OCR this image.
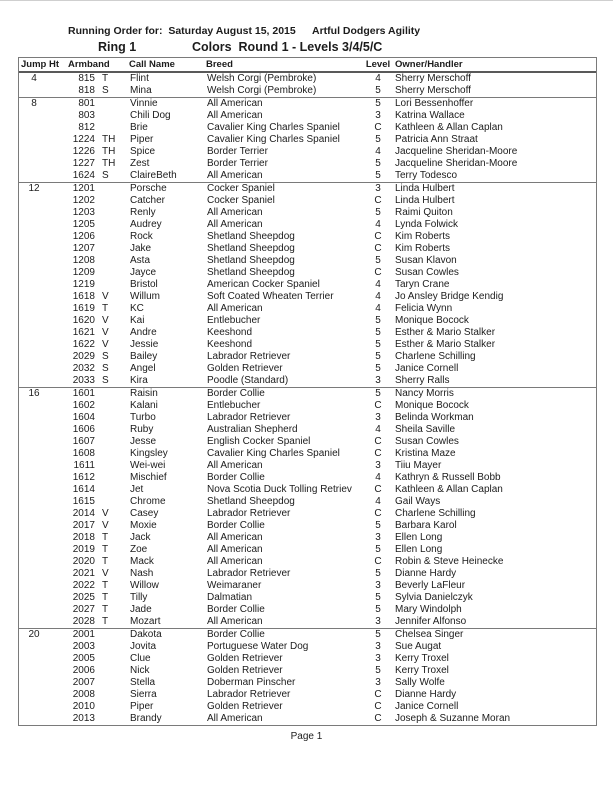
Running Order for:  Saturday August 15, 2015 Artful Dodgers Agility
Ring 1	Colors  Round 1 - Levels 3/4/5/C
Jump Ht Armband	Call Name	Breed	Level Owner/Handler
4	815 T	Flint	Welsh Corgi (Pembroke)	4	Sherry Merschoff
818 S	Mina	Welsh Corgi (Pembroke)	5	Sherry Merschoff
8	801	Vinnie	All American	5	Lori Bessenhoffer
803	Chili Dog	All American	3	Katrina Wallace
812	Brie	Cavalier King Charles Spaniel	C	Kathleen & Allan Caplan
1224 TH	Piper	Cavalier King Charles Spaniel	5	Patricia Ann Straat
1226 TH	Spice	Border Terrier	4	Jacqueline Sheridan-Moore
1227 TH	Zest	Border Terrier	5	Jacqueline Sheridan-Moore
1624 S	ClaireBeth	All American	5	Terry Todesco
12	1201	Porsche	Cocker Spaniel	3	Linda Hulbert
1202	Catcher	Cocker Spaniel	C	Linda Hulbert
1203	Renly	All American	5	Raimi Quiton
1205	Audrey	All American	4	Lynda Folwick
1206	Rock	Shetland Sheepdog	C	Kim Roberts
1207	Jake	Shetland Sheepdog	C	Kim Roberts
1208	Asta	Shetland Sheepdog	5	Susan Klavon
1209	Jayce	Shetland Sheepdog	C	Susan Cowles
1219	Bristol	American Cocker Spaniel	4	Taryn Crane
1618 V	Willum	Soft Coated Wheaten Terrier	4	Jo Ansley Bridge Kendig
1619 T	KC	All American	4	Felicia Wynn
1620 V	Kai	Entlebucher	5	Monique Bocock
1621 V	Andre	Keeshond	5	Esther & Mario Stalker
1622 V	Jessie	Keeshond	5	Esther & Mario Stalker
2029 S	Bailey	Labrador Retriever	5	Charlene Schilling
2032 S	Angel	Golden Retriever	5	Janice Cornell
2033 S	Kira	Poodle (Standard)	3	Sherry Ralls
16	1601	Raisin	Border Collie	5	Nancy Morris
1602	Kalani	Entlebucher	C	Monique Bocock
1604	Turbo	Labrador Retriever	3	Belinda Workman
1606	Ruby	Australian Shepherd	4	Sheila Saville
1607	Jesse	English Cocker Spaniel	C	Susan Cowles
1608	Kingsley	Cavalier King Charles Spaniel	C	Kristina Maze
1611	Wei-wei	All American	3	Tiiu Mayer
1612	Mischief	Border Collie	4	Kathryn & Russell Bobb
1614	Jet	Nova Scotia Duck Tolling Retriev	C	Kathleen & Allan Caplan
1615	Chrome	Shetland Sheepdog	4	Gail Ways
2014 V	Casey	Labrador Retriever	C	Charlene Schilling
2017 V	Moxie	Border Collie	5	Barbara Karol
2018 T	Jack	All American	3	Ellen Long
2019 T	Zoe	All American	5	Ellen Long
2020 T	Mack	All American	C	Robin & Steve Heinecke
2021 V	Nash	Labrador Retriever	5	Dianne Hardy
2022 T	Willow	Weimaraner	3	Beverly LaFleur
2025 T	Tilly	Dalmatian	5	Sylvia Danielczyk
2027 T	Jade	Border Collie	5	Mary Windolph
2028 T	Mozart	All American	3	Jennifer Alfonso
20	2001	Dakota	Border Collie	5	Chelsea Singer
2003	Jovita	Portuguese Water Dog	3	Sue Augat
2005	Clue	Golden Retriever	3	Kerry Troxel
2006	Nick	Golden Retriever	5	Kerry Troxel
2007	Stella	Doberman Pinscher	3	Sally Wolfe
2008	Sierra	Labrador Retriever	C	Dianne Hardy
2010	Piper	Golden Retriever	C	Janice Cornell
2013	Brandy	All American	C	Joseph & Suzanne Moran
Page 1
